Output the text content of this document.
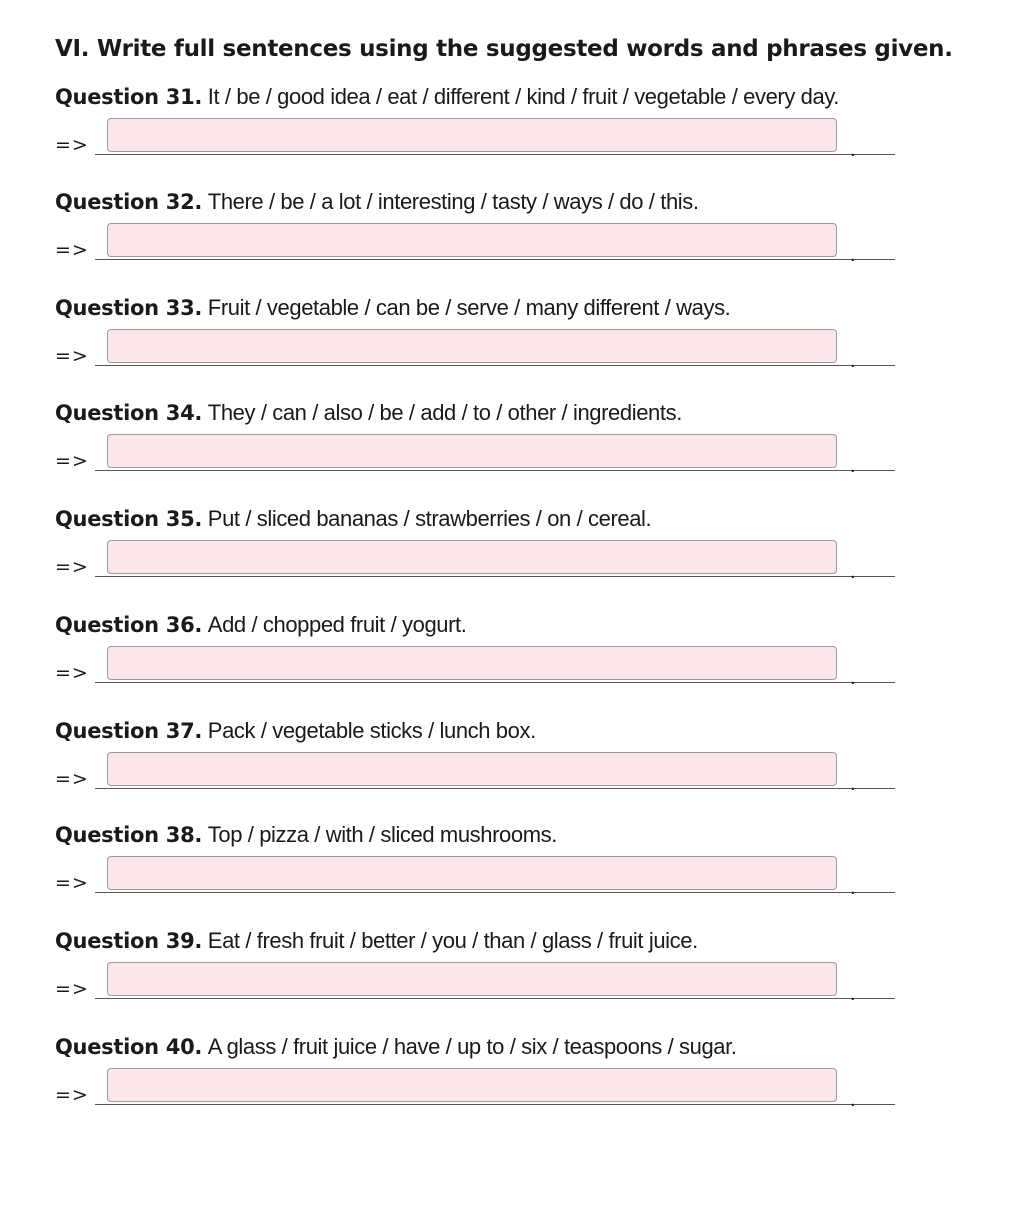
VI. Write full sentences using the suggested words and phrases given.
Question 31. It / be / good idea / eat / different / kind / fruit / vegetable / every day.
=>	.
Question 32. There / be / a lot / interesting / tasty / ways / do / this.
=>	.
Question 33. Fruit / vegetable / can be / serve / many different / ways.
=>	.
Question 34. They / can / also / be / add / to / other / ingredients.
=>	.
Question 35. Put / sliced bananas / strawberries / on / cereal.
=>	.
Question 36. Add / chopped fruit / yogurt.
=>	.
Question 37. Pack / vegetable sticks / lunch box.
=>	.
Question 38. Top / pizza / with / sliced mushrooms.
=>	.
Question 39. Eat / fresh fruit / better / you / than / glass / fruit juice.
=>	.
Question 40. A glass / fruit juice / have / up to / six / teaspoons / sugar.
=>	.
